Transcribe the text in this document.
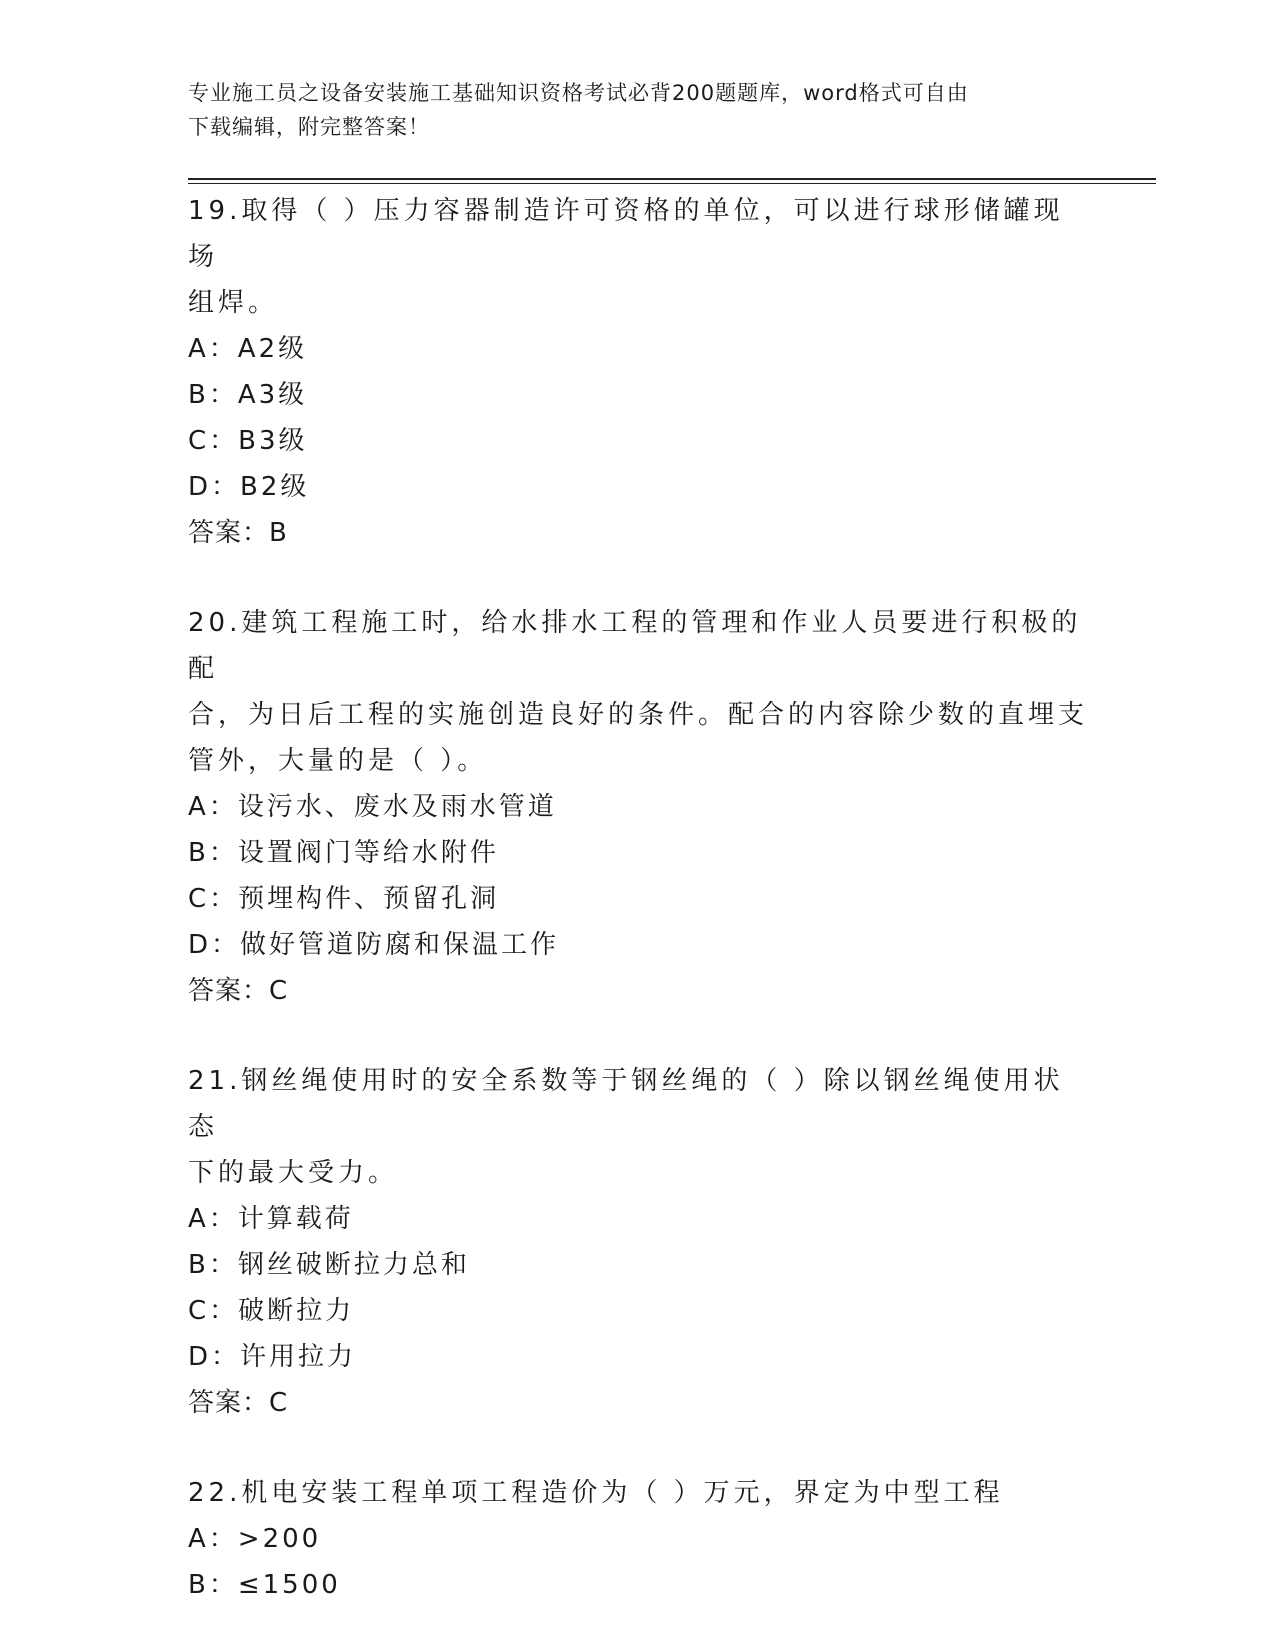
专业施工员之设备安装施工基础知识资格考试必背200题题库，word格式可自由
下载编辑，附完整答案！

19.取得（ ）压力容器制造许可资格的单位，可以进行球形储罐现场

组焊。

A：A2级

B：A3级

C：B3级

D：B2级

答案：B

20.建筑工程施工时，给水排水工程的管理和作业人员要进行积极的配

合，为日后工程的实施创造良好的条件。配合的内容除少数的直埋支

管外，大量的是（ ）。

A：设污水、废水及雨水管道

B：设置阀门等给水附件

C：预埋构件、预留孔洞

D：做好管道防腐和保温工作

答案：C

21.钢丝绳使用时的安全系数等于钢丝绳的（ ）除以钢丝绳使用状态

下的最大受力。

A：计算载荷

B：钢丝破断拉力总和

C：破断拉力

D：许用拉力

答案：C

22.机电安装工程单项工程造价为（ ）万元，界定为中型工程

A：>200

B：≤1500
